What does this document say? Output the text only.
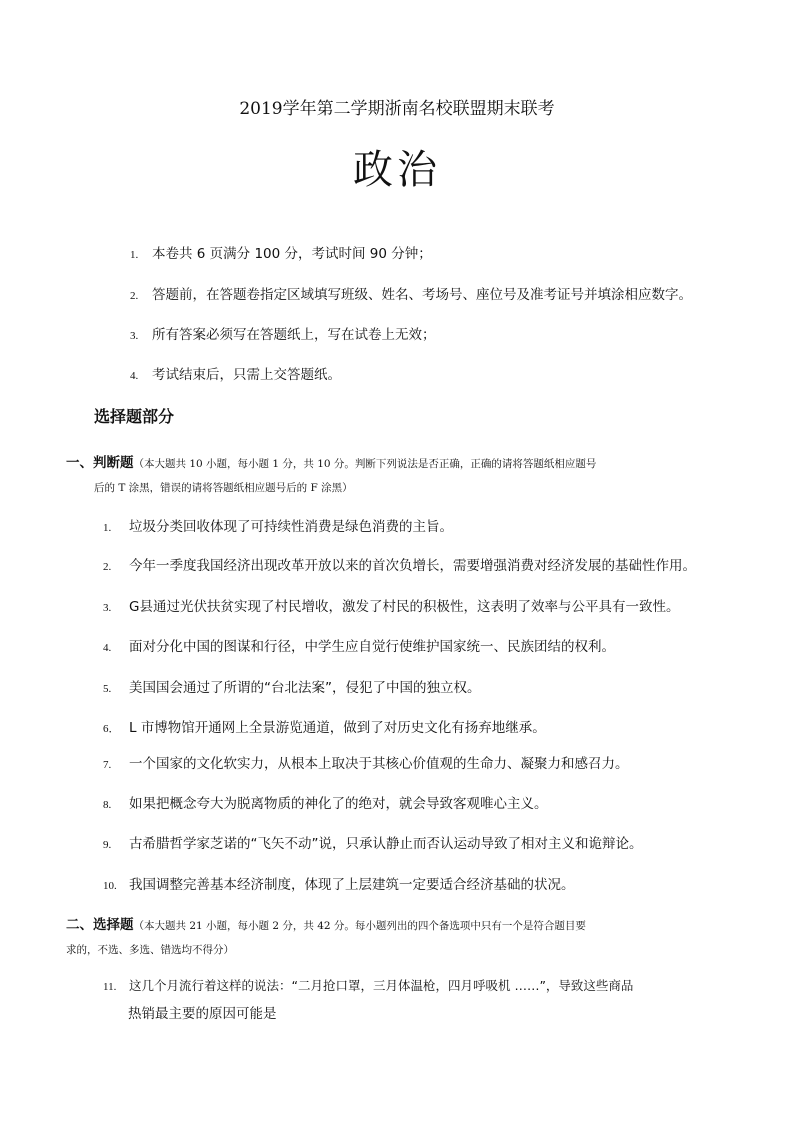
2019学年第二学期浙南名校联盟期末联考
政治
1. 本卷共 6 页满分 100 分，考试时间 90 分钟；
2. 答题前，在答题卷指定区域填写班级、姓名、考场号、座位号及准考证号并填涂相应数字。
3. 所有答案必须写在答题纸上，写在试卷上无效；
4. 考试结束后，只需上交答题纸。
选择题部分
一、判断题（本大题共 10 小题，每小题 1 分，共 10 分。判断下列说法是否正确，正确的请将答题纸相应题号
后的 T 涂黑，错误的请将答题纸相应题号后的 F 涂黑）
1. 垃圾分类回收体现了可持续性消费是绿色消费的主旨。
2. 今年一季度我国经济出现改革开放以来的首次负增长，需要增强消费对经济发展的基础性作用。
3. G县通过光伏扶贫实现了村民增收，激发了村民的积极性，这表明了效率与公平具有一致性。
4. 面对分化中国的图谋和行径，中学生应自觉行使维护国家统一、民族团结的权利。
5. 美国国会通过了所谓的“台北法案”，侵犯了中国的独立权。
6． L 市博物馆开通网上全景游览通道，做到了对历史文化有扬弃地继承。
7. 一个国家的文化软实力，从根本上取决于其核心价值观的生命力、凝聚力和感召力。
8. 如果把概念夸大为脱离物质的神化了的绝对，就会导致客观唯心主义。
9. 古希腊哲学家芝诺的“飞矢不动”说，只承认静止而否认运动导致了相对主义和诡辩论。
10. 我国调整完善基本经济制度，体现了上层建筑一定要适合经济基础的状况。
二、选择题（本大题共 21 小题，每小题 2 分，共 42 分。每小题列出的四个备选项中只有一个是符合题目要
求的，不选、多选、错选均不得分）
11. 这几个月流行着这样的说法：“二月抢口罩，三月体温枪，四月呼吸机 ……”，导致这些商品
热销最主要的原因可能是
